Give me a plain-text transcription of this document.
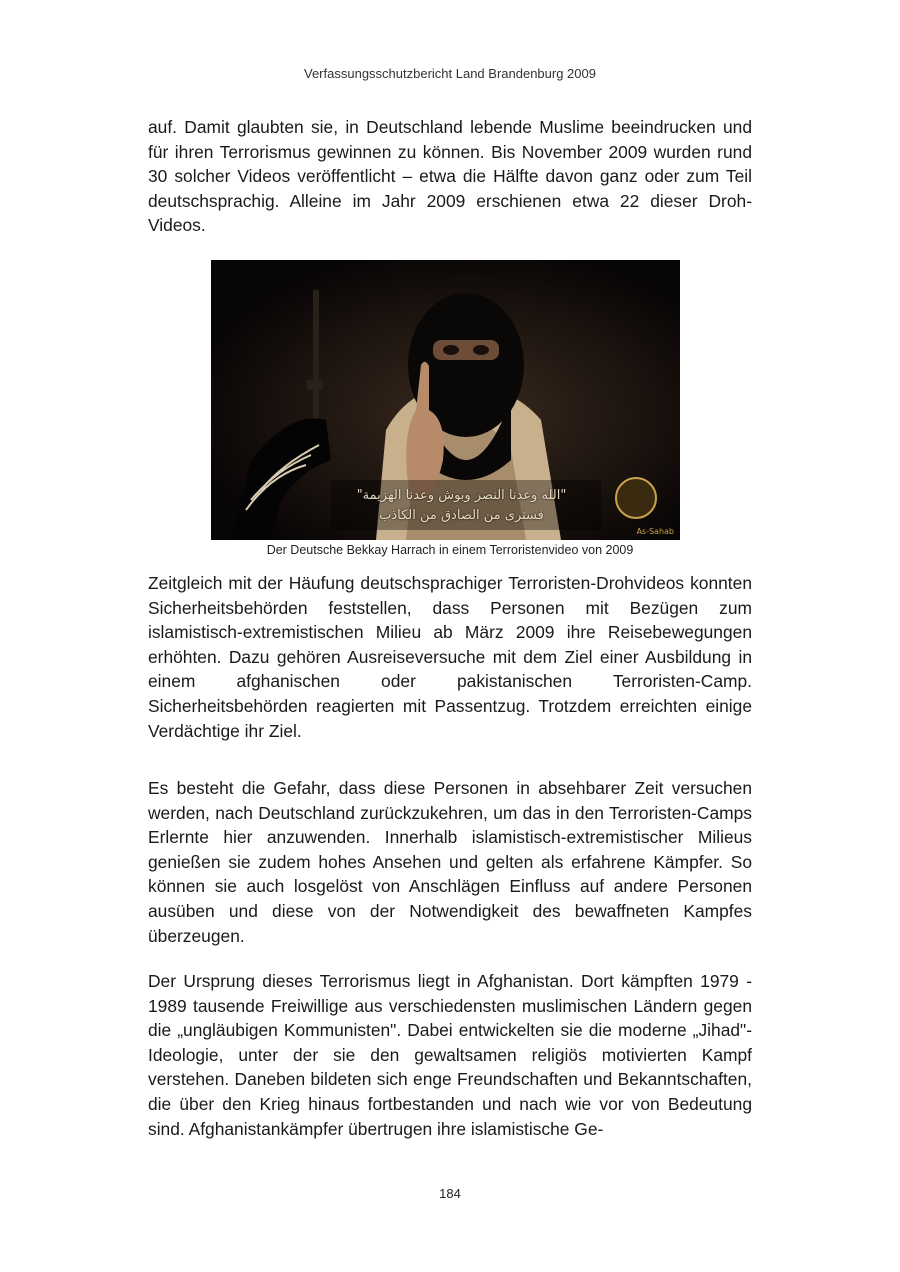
Verfassungsschutzbericht Land Brandenburg 2009

auf. Damit glaubten sie, in Deutschland lebende Muslime beeindrucken und für ihren Terrorismus gewinnen zu können. Bis November 2009 wurden rund 30 solcher Videos veröffentlicht – etwa die Hälfte davon ganz oder zum Teil deutschsprachig. Alleine im Jahr 2009 erschienen etwa 22 dieser Droh-Videos.

"الله وعدنا النصر وبوش وعدنا الهزيمة"
فسترى من الصادق من الكاذب
As-Sahab
Der Deutsche Bekkay Harrach in einem Terroristenvideo von 2009

Zeitgleich mit der Häufung deutschsprachiger Terroristen-Drohvideos konnten Sicherheitsbehörden feststellen, dass Personen mit Bezügen zum islamistisch-extremistischen Milieu ab März 2009 ihre Reisebewegungen erhöhten. Dazu gehören Ausreiseversuche mit dem Ziel einer Ausbildung in einem afghanischen oder pakistanischen Terroristen-Camp. Sicherheitsbehörden reagierten mit Passentzug. Trotzdem erreichten einige Verdächtige ihr Ziel.

Es besteht die Gefahr, dass diese Personen in absehbarer Zeit versuchen werden, nach Deutschland zurückzukehren, um das in den Terroristen-Camps Erlernte hier anzuwenden. Innerhalb islamistisch-extremistischer Milieus genießen sie zudem hohes Ansehen und gelten als erfahrene Kämpfer. So können sie auch losgelöst von Anschlägen Einfluss auf andere Personen ausüben und diese von der Notwendigkeit des bewaffneten Kampfes überzeugen.

Der Ursprung dieses Terrorismus liegt in Afghanistan. Dort kämpften 1979 - 1989 tausende Freiwillige aus verschiedensten muslimischen Ländern gegen die „ungläubigen Kommunisten". Dabei entwickelten sie die moderne „Jihad"-Ideologie, unter der sie den gewaltsamen religiös motivierten Kampf verstehen. Daneben bildeten sich enge Freundschaften und Bekanntschaften, die über den Krieg hinaus fortbestanden und nach wie vor von Bedeutung sind. Afghanistankämpfer übertrugen ihre islamistische Ge-

184
